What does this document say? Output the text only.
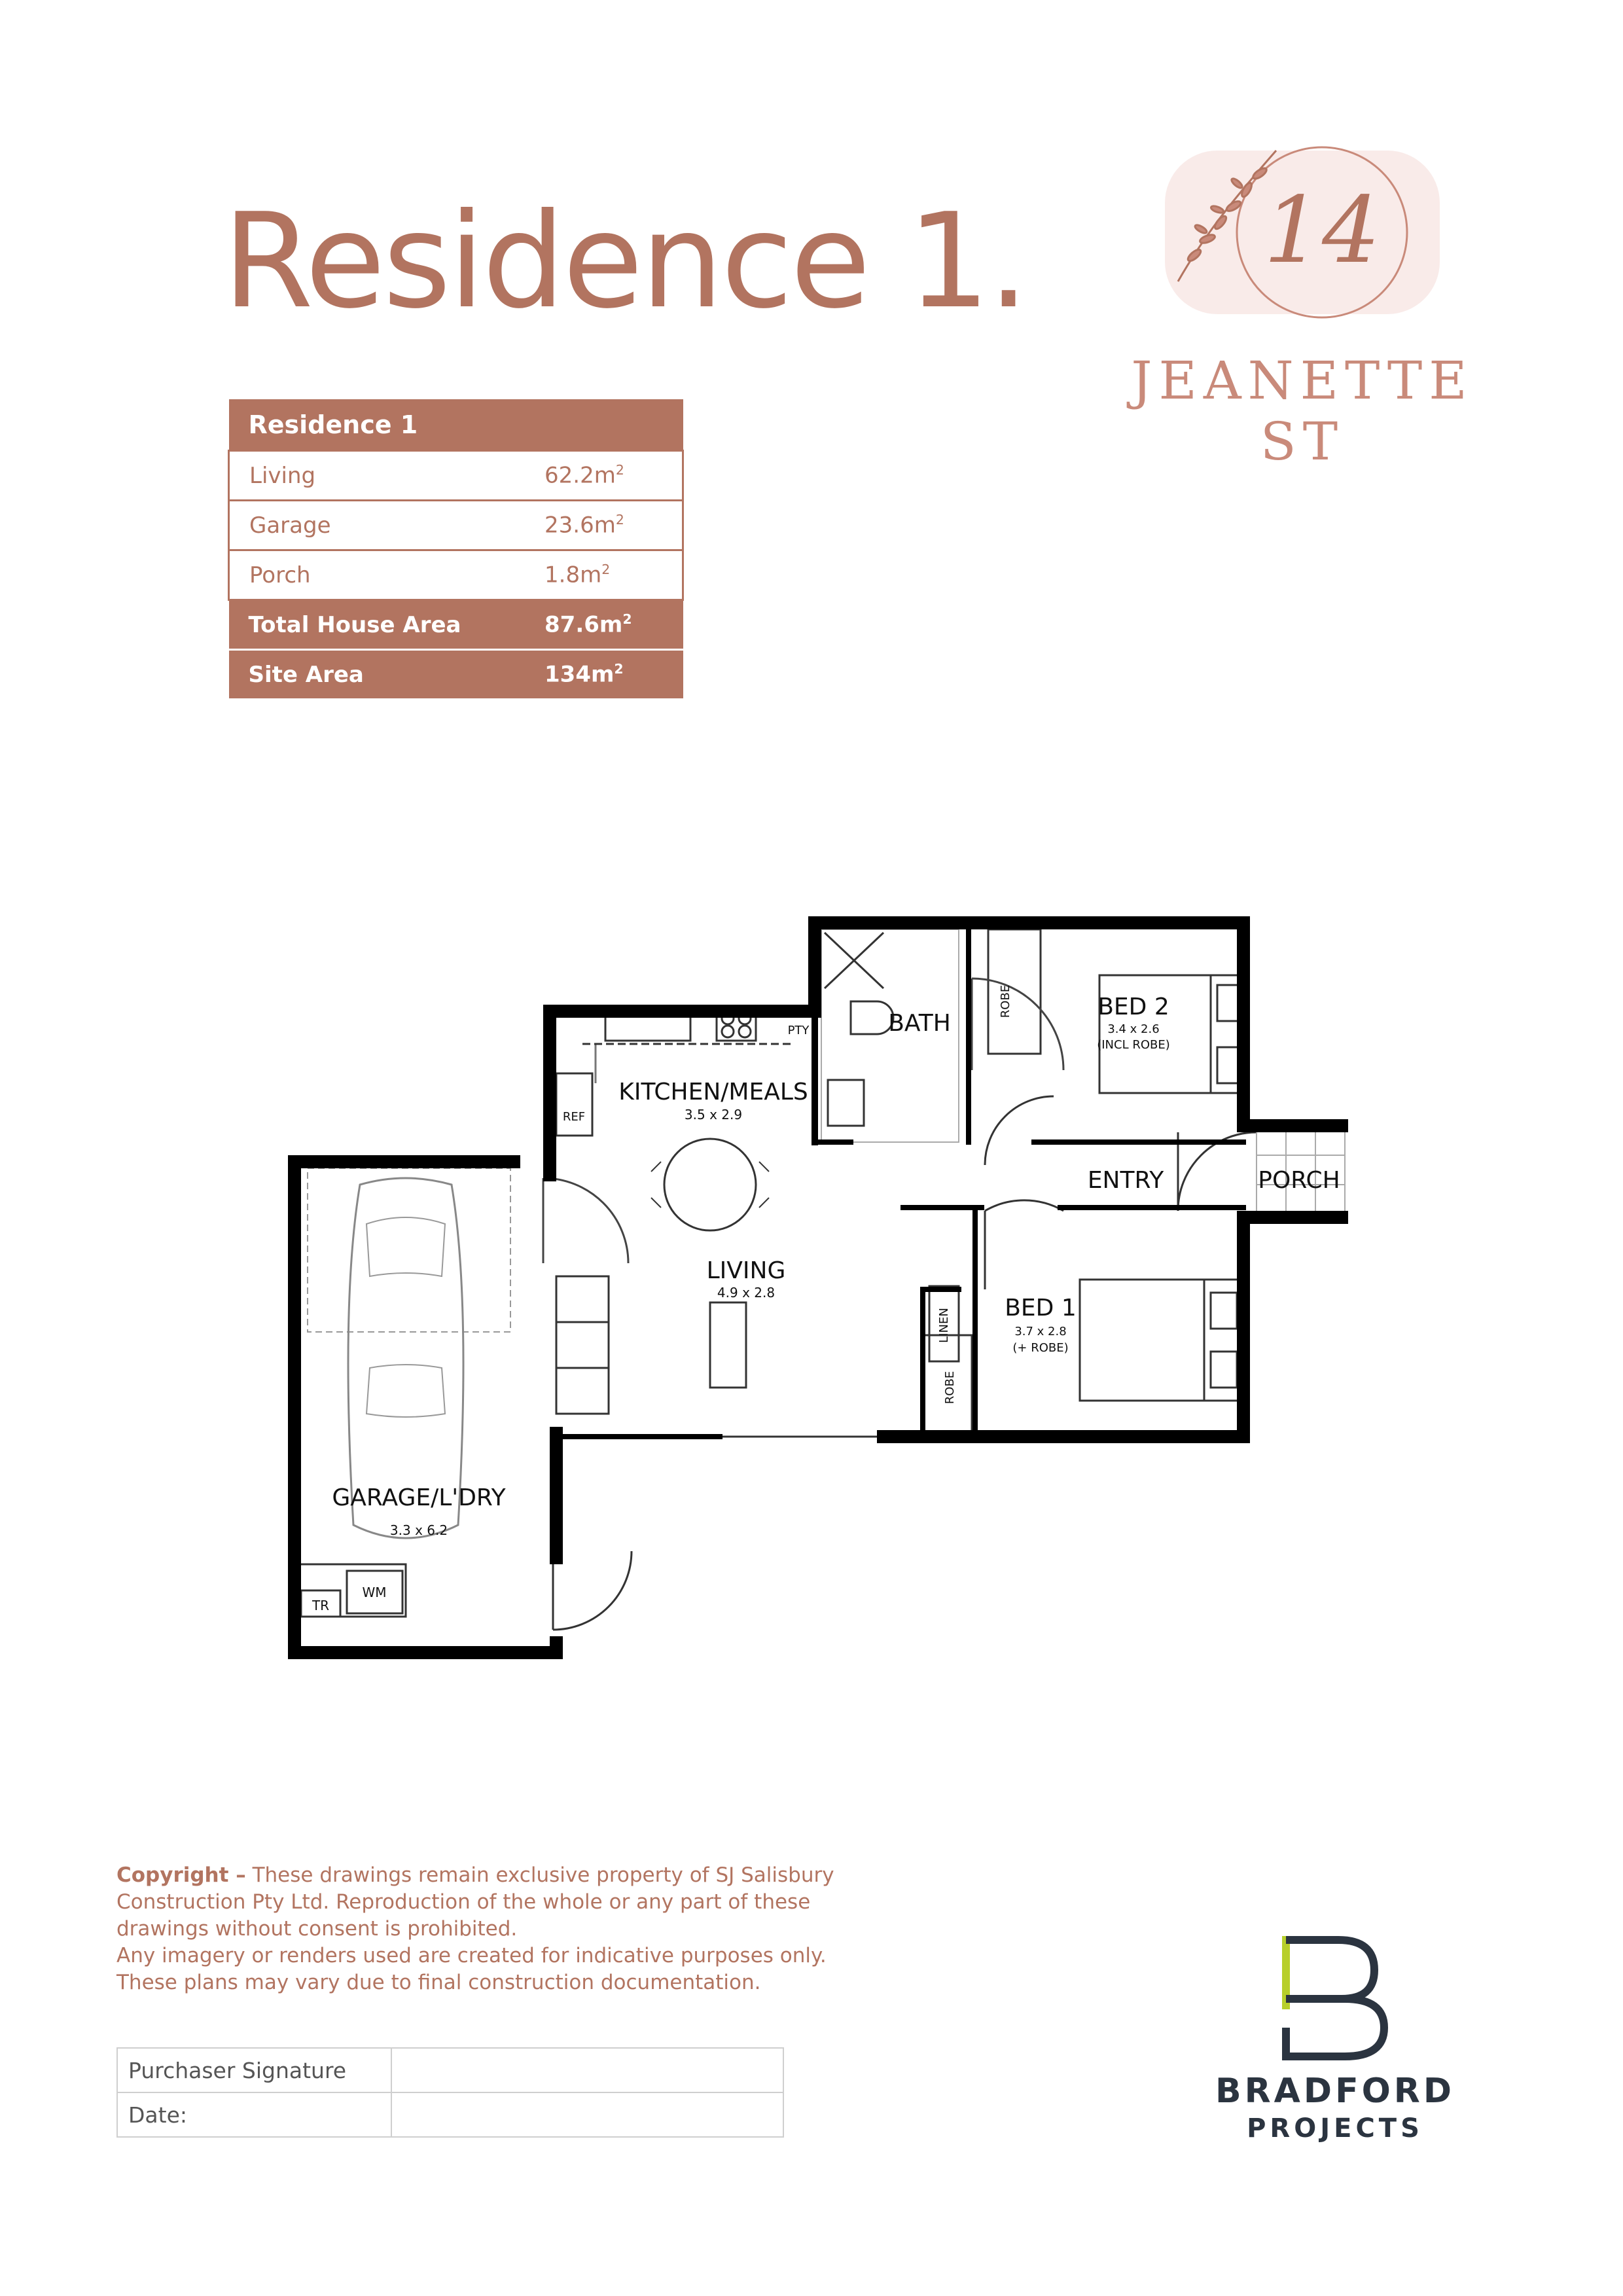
Residence 1.	14
JEANETTE ST
Residence 1	
Living	$62.2m^2$
Garage	$23.6m^2$
Porch	$1.8m^2$
Total House Area	$87.6m^2$
Site Area	$134m^2$
GARAGE/L'DRY
3.3 x 6.2
KITCHEN/MEALS
3.5 x 2.9
LIVING
4.9 x 2.8
BATH
BED 2
3.4 x 2.6
(INCL ROBE)
ENTRY	PORCH
BED 1
3.7 x 2.8
(+ ROBE)
PTY
REF
ROBE
ROBE
LINEN
TR
WM
Copyright – These drawings remain exclusive property of SJ Salisbury Construction Pty Ltd. Reproduction of the whole or any part of these drawings without consent is prohibited.
Any imagery or renders used are created for indicative purposes only. These plans may vary due to final construction documentation.
Purchaser Signature	
Date:	
BRADFORD
PROJECTS
